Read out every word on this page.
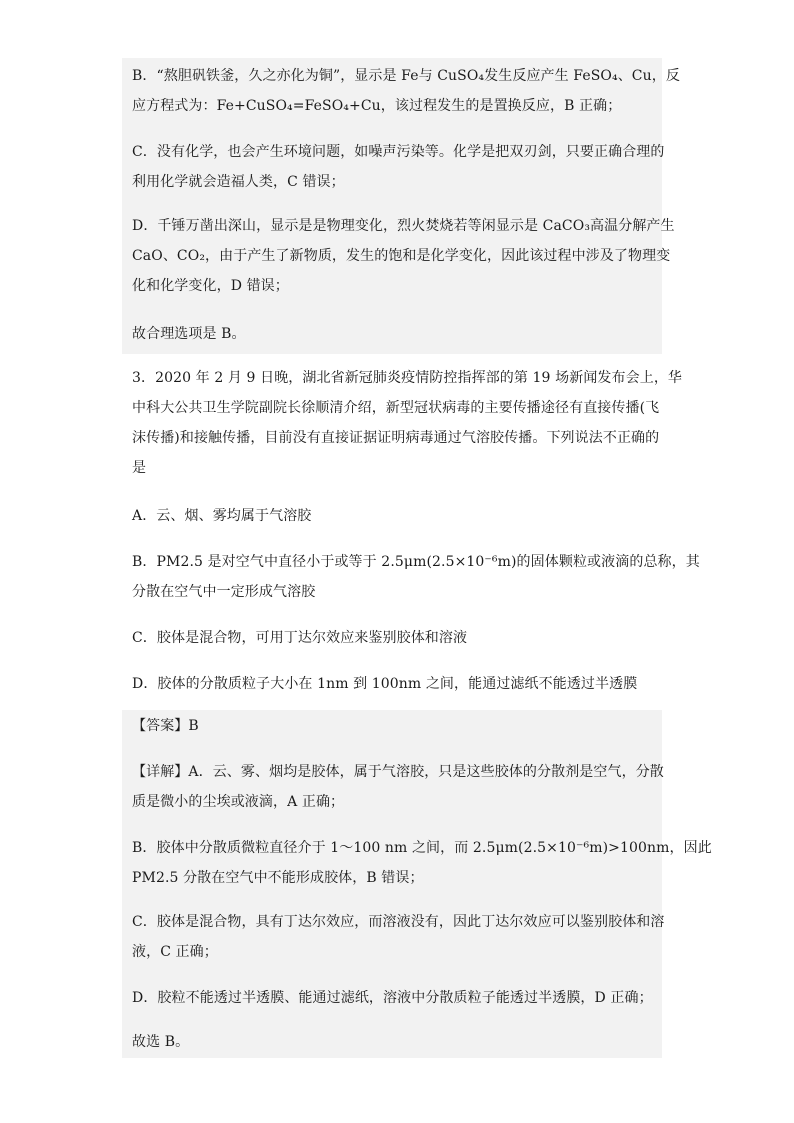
B．“熬胆矾铁釜，久之亦化为铜”，显示是 Fe与 CuSO₄发生反应产生 FeSO₄、Cu，反
应方程式为：Fe+CuSO₄=FeSO₄+Cu，该过程发生的是置换反应，B 正确；
C．没有化学，也会产生环境问题，如噪声污染等。化学是把双刃剑，只要正确合理的
利用化学就会造福人类，C 错误；
D．千锤万凿出深山，显示是是物理变化，烈火焚烧若等闲显示是 CaCO₃高温分解产生
CaO、CO₂，由于产生了新物质，发生的饱和是化学变化，因此该过程中涉及了物理变
化和化学变化，D 错误；
故合理选项是 B。
3．2020 年 2 月 9 日晚，湖北省新冠肺炎疫情防控指挥部的第 19 场新闻发布会上，华
中科大公共卫生学院副院长徐顺清介绍，新型冠状病毒的主要传播途径有直接传播(飞
沫传播)和接触传播，目前没有直接证据证明病毒通过气溶胶传播。下列说法不正确的
是
A．云、烟、雾均属于气溶胶
B．PM2.5 是对空气中直径小于或等于 2.5μm(2.5×10⁻⁶m)的固体颗粒或液滴的总称，其
分散在空气中一定形成气溶胶
C．胶体是混合物，可用丁达尔效应来鉴别胶体和溶液
D．胶体的分散质粒子大小在 1nm 到 100nm 之间，能通过滤纸不能透过半透膜
【答案】B
【详解】A．云、雾、烟均是胶体，属于气溶胶，只是这些胶体的分散剂是空气，分散
质是微小的尘埃或液滴，A 正确；
B．胶体中分散质微粒直径介于 1～100 nm 之间，而 2.5μm(2.5×10⁻⁶m)>100nm，因此
PM2.5 分散在空气中不能形成胶体，B 错误；
C．胶体是混合物，具有丁达尔效应，而溶液没有，因此丁达尔效应可以鉴别胶体和溶
液，C 正确；
D．胶粒不能透过半透膜、能通过滤纸，溶液中分散质粒子能透过半透膜，D 正确；
故选 B。
